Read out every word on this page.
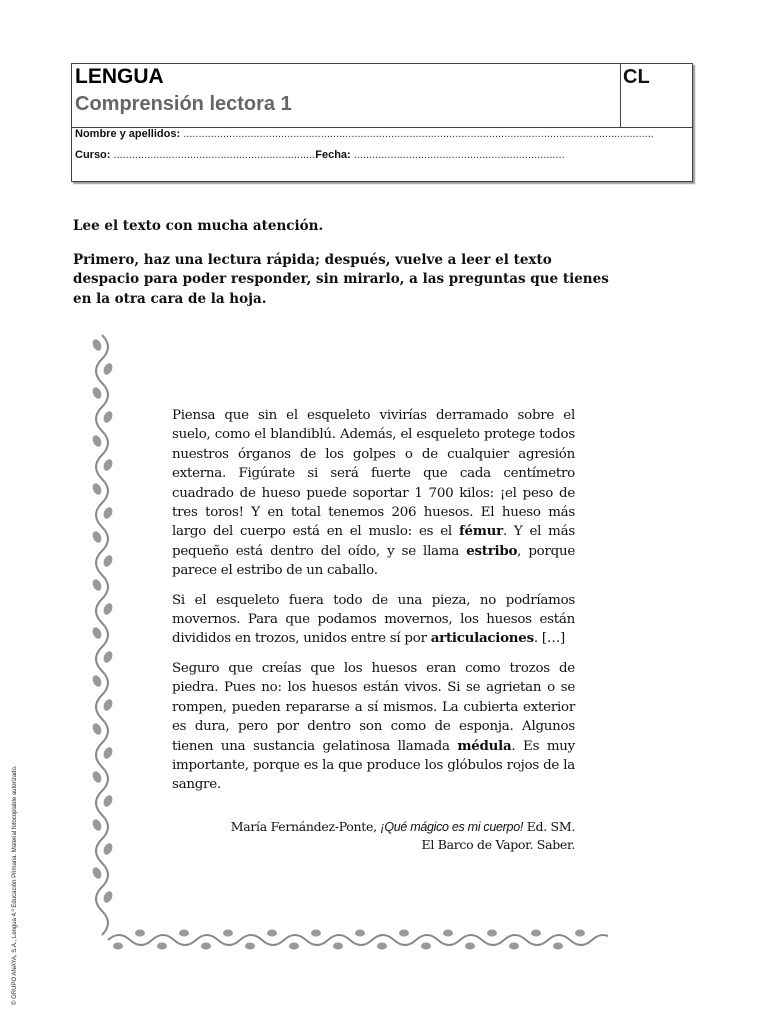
LENGUA
Comprensión lectora 1
CL
Nombre y apellidos: ..........................................................................................................................................................
Curso: ..................................................................Fecha: .....................................................................

Lee el texto con mucha atención.

Primero, haz una lectura rápida; después, vuelve a leer el texto despacio para poder responder, sin mirarlo, a las preguntas que tienes en la otra cara de la hoja.

Piensa que sin el esqueleto vivirías derramado sobre el suelo, como el blandiblú. Además, el esqueleto protege todos nuestros órganos de los golpes o de cualquier agresión externa. Figúrate si será fuerte que cada centímetro cuadrado de hueso puede soportar 1 700 kilos: ¡el peso de tres toros! Y en total tenemos 206 huesos. El hueso más largo del cuerpo está en el muslo: es el fémur. Y el más pequeño está dentro del oído, y se llama estribo, porque parece el estribo de un caballo.

Si el esqueleto fuera todo de una pieza, no podríamos movernos. Para que podamos movernos, los huesos están divididos en trozos, unidos entre sí por articulaciones. […]

Seguro que creías que los huesos eran como trozos de piedra. Pues no: los huesos están vivos. Si se agrietan o se rompen, pueden repararse a sí mismos. La cubierta exterior es dura, pero por dentro son como de esponja. Algunos tienen una sustancia gelatinosa llamada médula. Es muy importante, porque es la que produce los glóbulos rojos de la sangre.

María Fernández-Ponte, ¡Qué mágico es mi cuerpo! Ed. SM.
El Barco de Vapor. Saber.
© GRUPO ANAYA, S.A., Lengua 4.º Educación Primaria. Material fotocopiable autorizado.
